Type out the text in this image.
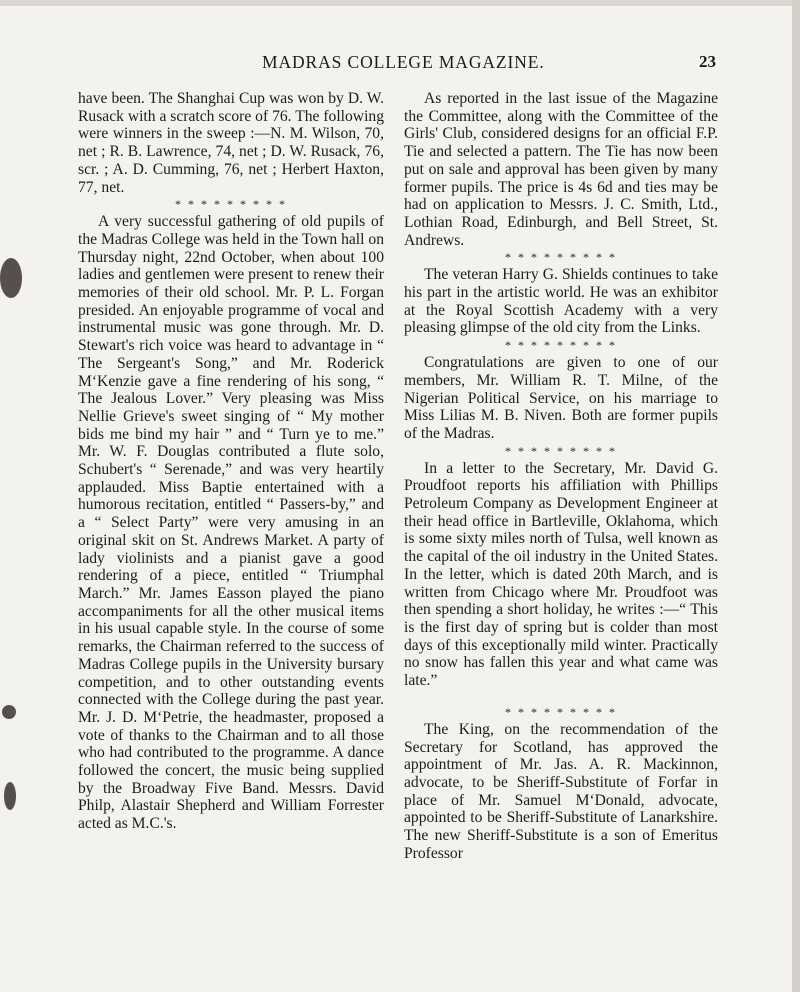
MADRAS COLLEGE MAGAZINE.	23

have been. The Shanghai Cup was won by D. W. Rusack with a scratch score of 76. The following were winners in the sweep :—N. M. Wilson, 70, net ; R. B. Lawrence, 74, net ; D. W. Rusack, 76, scr. ; A. D. Cumming, 76, net ; Herbert Haxton, 77, net.

* * * * * * * * *

A very successful gathering of old pupils of the Madras College was held in the Town hall on Thursday night, 22nd October, when about 100 ladies and gentlemen were present to renew their memories of their old school. Mr. P. L. Forgan presided. An enjoyable programme of vocal and instrumental music was gone through. Mr. D. Stewart's rich voice was heard to advantage in “ The Sergeant's Song,” and Mr. Roderick M‘Kenzie gave a fine rendering of his song, “ The Jealous Lover.” Very pleasing was Miss Nellie Grieve's sweet singing of “ My mother bids me bind my hair ” and “ Turn ye to me.” Mr. W. F. Douglas contributed a flute solo, Schubert's “ Serenade,” and was very heartily applauded. Miss Baptie entertained with a humorous recitation, entitled “ Passers-by,” and a “ Select Party” were very amusing in an original skit on St. Andrews Market. A party of lady violinists and a pianist gave a good rendering of a piece, entitled “ Triumphal March.” Mr. James Easson played the piano accompaniments for all the other musical items in his usual capable style. In the course of some remarks, the Chairman referred to the success of Madras College pupils in the University bursary competition, and to other outstanding events connected with the College during the past year. Mr. J. D. M‘Petrie, the headmaster, proposed a vote of thanks to the Chairman and to all those who had contributed to the programme. A dance followed the concert, the music being supplied by the Broadway Five Band. Messrs. David Philp, Alastair Shepherd and William Forrester acted as M.C.'s.

As reported in the last issue of the Magazine the Committee, along with the Committee of the Girls' Club, considered designs for an official F.P. Tie and selected a pattern. The Tie has now been put on sale and approval has been given by many former pupils. The price is 4s 6d and ties may be had on application to Messrs. J. C. Smith, Ltd., Lothian Road, Edinburgh, and Bell Street, St. Andrews.

* * * * * * * * *

The veteran Harry G. Shields continues to take his part in the artistic world. He was an exhibitor at the Royal Scottish Academy with a very pleasing glimpse of the old city from the Links.

* * * * * * * * *

Congratulations are given to one of our members, Mr. William R. T. Milne, of the Nigerian Political Service, on his marriage to Miss Lilias M. B. Niven. Both are former pupils of the Madras.

* * * * * * * * *

In a letter to the Secretary, Mr. David G. Proudfoot reports his affiliation with Phillips Petroleum Company as Development Engineer at their head office in Bartleville, Oklahoma, which is some sixty miles north of Tulsa, well known as the capital of the oil industry in the United States. In the letter, which is dated 20th March, and is written from Chicago where Mr. Proudfoot was then spending a short holiday, he writes :—“ This is the first day of spring but is colder than most days of this exceptionally mild winter. Practically no snow has fallen this year and what came was late.”

* * * * * * * * *

The King, on the recommendation of the Secretary for Scotland, has approved the appointment of Mr. Jas. A. R. Mackinnon, advocate, to be Sheriff-Substitute of Forfar in place of Mr. Samuel M‘Donald, advocate, appointed to be Sheriff-Substitute of Lanarkshire. The new Sheriff-Substitute is a son of Emeritus Professor
